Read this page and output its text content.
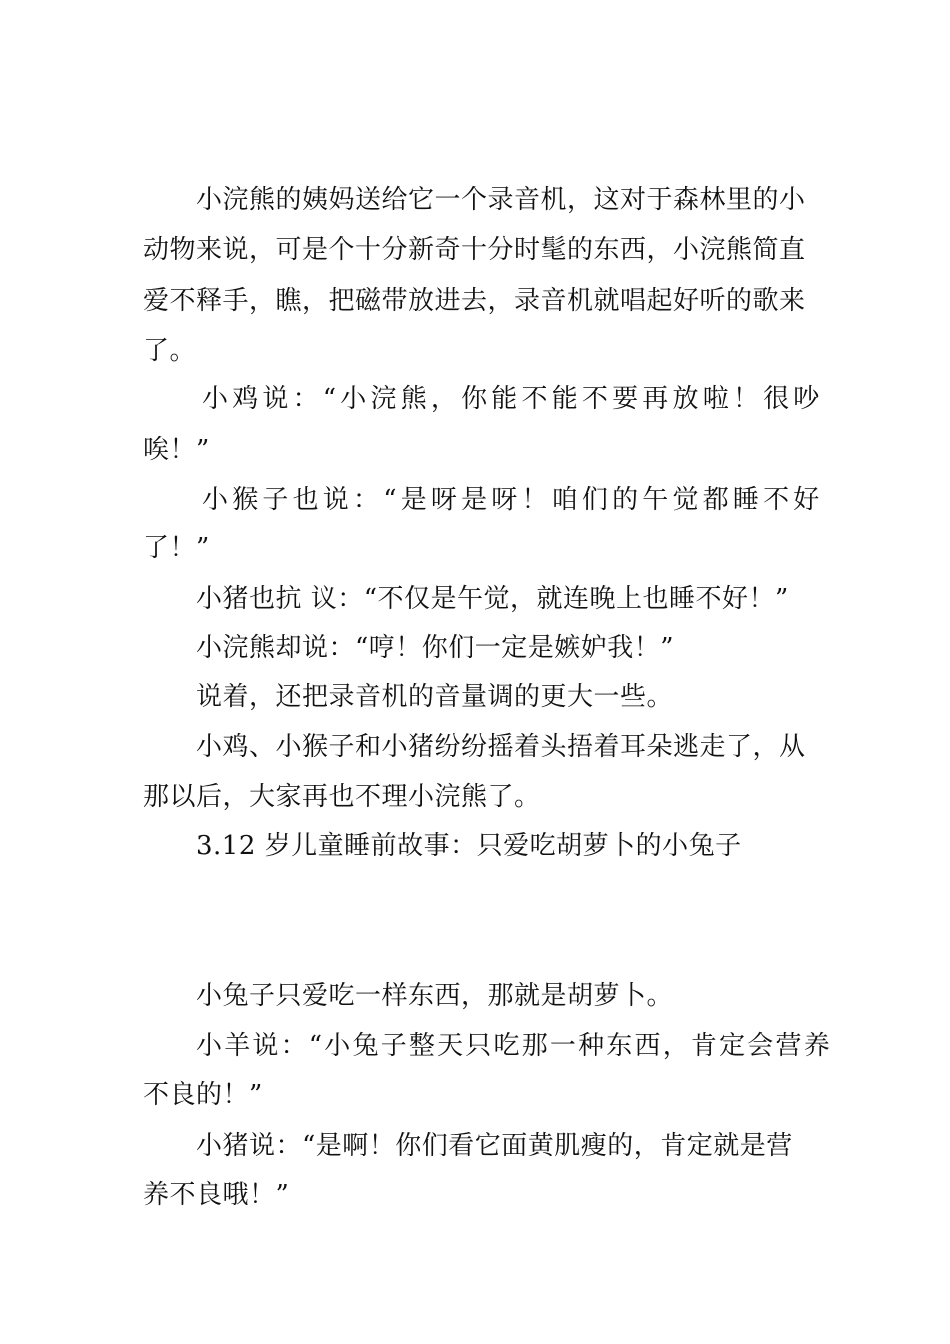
小浣熊的姨妈送给它一个录音机，这对于森林里的小
动物来说，可是个十分新奇十分时髦的东西，小浣熊简直
爱不释手，瞧，把磁带放进去，录音机就唱起好听的歌来
了。
小鸡说：“小浣熊，你能不能不要再放啦！很吵
唉！”
小猴子也说：“是呀是呀！咱们的午觉都睡不好
了！”
小猪也抗 议：“不仅是午觉，就连晚上也睡不好！”
小浣熊却说：“哼！你们一定是嫉妒我！”
说着，还把录音机的音量调的更大一些。
小鸡、小猴子和小猪纷纷摇着头捂着耳朵逃走了，从
那以后，大家再也不理小浣熊了。
3.12 岁儿童睡前故事：只爱吃胡萝卜的小兔子
小兔子只爱吃一样东西，那就是胡萝卜。
小羊说：“小兔子整天只吃那一种东西，肯定会营养
不良的！”
小猪说：“是啊！你们看它面黄肌瘦的，肯定就是营
养不良哦！”
